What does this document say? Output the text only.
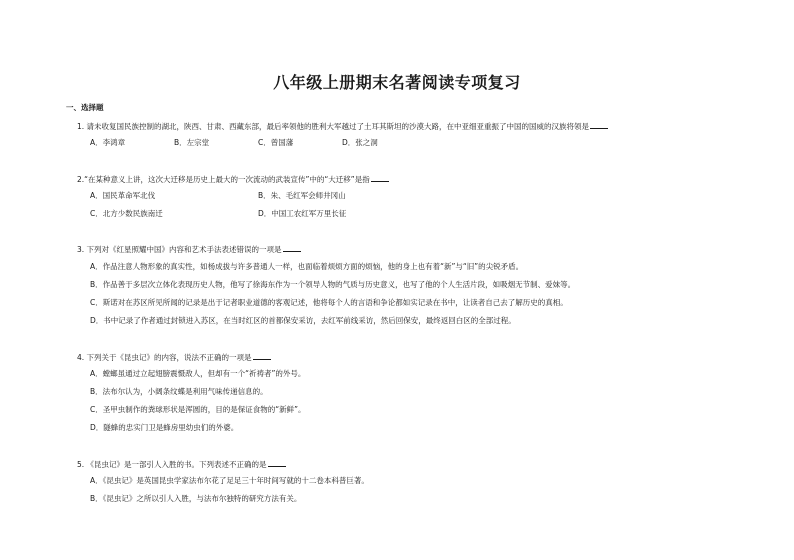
八年级上册期末名著阅读专项复习
一、选择题
1. 请未收复国民族控制的湖北，陕西、甘肃、西藏东部，最后率领他的胜利大军越过了土耳其斯坦的沙漠大路，在中亚细亚重振了中国的国威的汉族将领是
A．李鸿章	B．左宗堂	C．曾国藩	D．张之洞
2.“在某种意义上讲，这次大迁移是历史上最大的一次流动的武装宣传”中的“大迁移”是指
A．国民革命军北伐	B．朱、毛红军会师井冈山
C．北方少数民族南迁	D．中国工农红军万里长征
3. 下列对《红星照耀中国》内容和艺术手法表述错误的一项是
A．作品注意人物形象的真实性，如杨成拔与许多普通人一样，也面临着烦烦方面的烦恼，他的身上也有着“新”与“旧”的尖锐矛盾。
B．作品善于多层次立体化表现历史人物，他写了徐海东作为一个领导人物的气质与历史意义，也写了他的个人生活片段，如吸烟无节制、爱妹等。
C．斯诺对在苏区所见所闻的记录是出于记者职业道德的客观记述，他将每个人的言语和争论都如实记录在书中，让读者自己去了解历史的真相。
D．书中记录了作者通过封锁进入苏区，在当时红区的首都保安采访，去红军前线采访，然后回保安，最终返回白区的全部过程。
4. 下列关于《昆虫记》的内容，说法不正确的一项是
A．螳螂虽通过立起翅膀震慑敌人，但却有一个“祈祷者”的外号。
B．法布尔认为，小阔条纹蝶是利用气味传递信息的。
C．圣甲虫制作的粪球形状是浑圆的，目的是保证食物的“新鲜”。
D．隧蜂的忠实门卫是蜂房里幼虫们的外婆。
5. 《昆虫记》是一部引人入胜的书。下列表述不正确的是
A．《昆虫记》是英国昆虫学家法布尔花了足足三十年时间写就的十二卷本科普巨著。
B．《昆虫记》之所以引人入胜，与法布尔独特的研究方法有关。
